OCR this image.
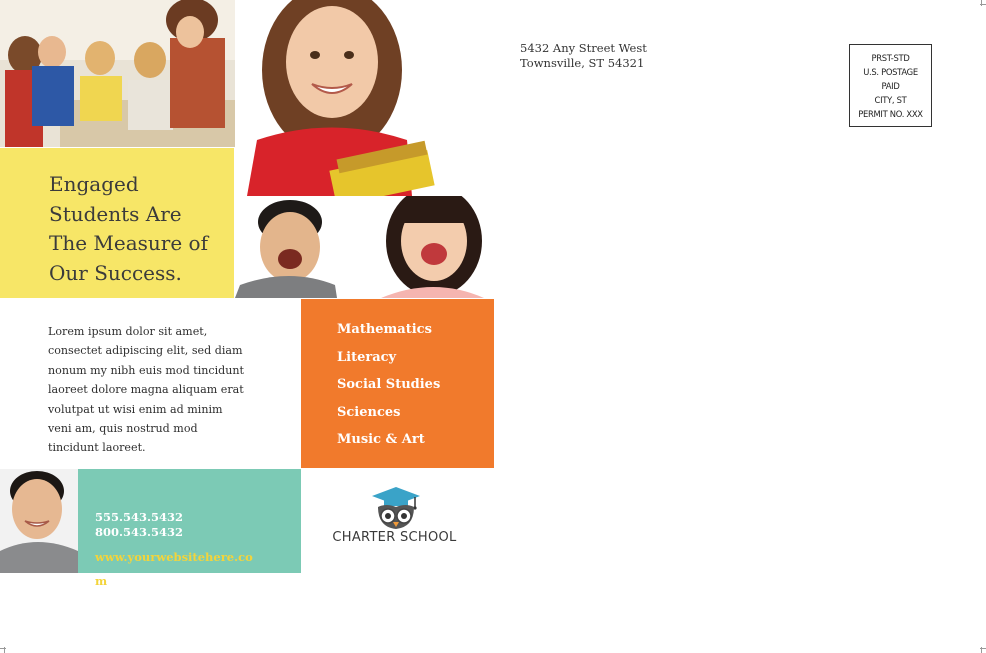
Engaged
Students Are
The Measure of
Our Success.
Lorem ipsum dolor sit amet,
consectet adipiscing elit, sed diam
nonum my nibh euis mod tincidunt
laoreet dolore magna aliquam erat
volutpat ut wisi enim ad minim
veni am, quis nostrud mod
tincidunt laoreet.
Mathematics
Literacy
Social Studies
Sciences
Music & Art
555.543.5432
800.543.5432
www.yourwebsitehere.com
CHARTER SCHOOL
5432 Any Street West
Townsville, ST 54321	PRST-STD
U.S. POSTAGE
PAID
CITY, ST
PERMIT NO. XXX
